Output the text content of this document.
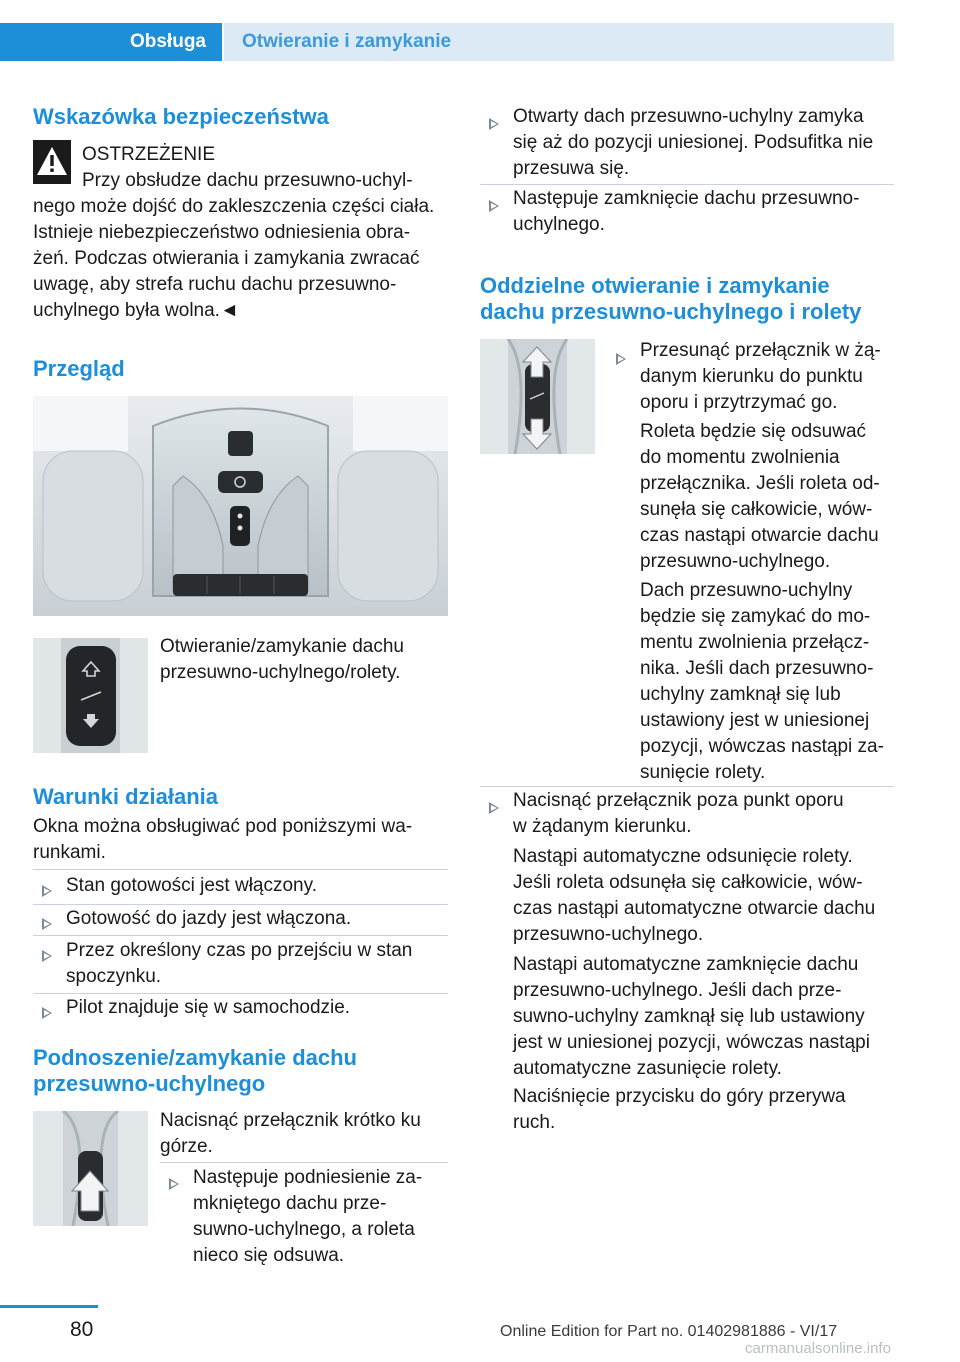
Obsługa	Otwieranie i zamykanie
Wskazówka bezpieczeństwa
OSTRZEŻENIE
Przy obsłudze dachu przesuwno-uchyl‐
nego może dojść do zakleszczenia części ciała.
Istnieje niebezpieczeństwo odniesienia obra‐
żeń. Podczas otwierania i zamykania zwracać
uwagę, aby strefa ruchu dachu przesuwno-
uchylnego była wolna.◄
Przegląd
Otwieranie/zamykanie dachu
przesuwno-uchylnego/rolety.
Warunki działania
Okna można obsługiwać pod poniższymi wa‐
runkami.
Stan gotowości jest włączony.
Gotowość do jazdy jest włączona.
Przez określony czas po przejściu w stan
spoczynku.
Pilot znajduje się w samochodzie.
Podnoszenie/zamykanie dachu
przesuwno-uchylnego
Nacisnąć przełącznik krótko ku
górze.
Następuje podniesienie za‐
mkniętego dachu prze‐
suwno-uchylnego, a roleta
nieco się odsuwa.
Otwarty dach przesuwno-uchylny zamyka
się aż do pozycji uniesionej. Podsufitka nie
przesuwa się.
Następuje zamknięcie dachu przesuwno-
uchylnego.
Oddzielne otwieranie i zamykanie
dachu przesuwno-uchylnego i rolety
Przesunąć przełącznik w żą‐
danym kierunku do punktu
oporu i przytrzymać go.
Roleta będzie się odsuwać
do momentu zwolnienia
przełącznika. Jeśli roleta od‐
sunęła się całkowicie, wów‐
czas nastąpi otwarcie dachu
przesuwno-uchylnego.
Dach przesuwno-uchylny
będzie się zamykać do mo‐
mentu zwolnienia przełącz‐
nika. Jeśli dach przesuwno-
uchylny zamknął się lub
ustawiony jest w uniesionej
pozycji, wówczas nastąpi za‐
sunięcie rolety.
Nacisnąć przełącznik poza punkt oporu
w żądanym kierunku.
Nastąpi automatyczne odsunięcie rolety.
Jeśli roleta odsunęła się całkowicie, wów‐
czas nastąpi automatyczne otwarcie dachu
przesuwno-uchylnego.
Nastąpi automatyczne zamknięcie dachu
przesuwno-uchylnego. Jeśli dach prze‐
suwno-uchylny zamknął się lub ustawiony
jest w uniesionej pozycji, wówczas nastąpi
automatyczne zasunięcie rolety.
Naciśnięcie przycisku do góry przerywa
ruch.
80	Online Edition for Part no. 01402981886 - VI/17
carmanualsonline.info
